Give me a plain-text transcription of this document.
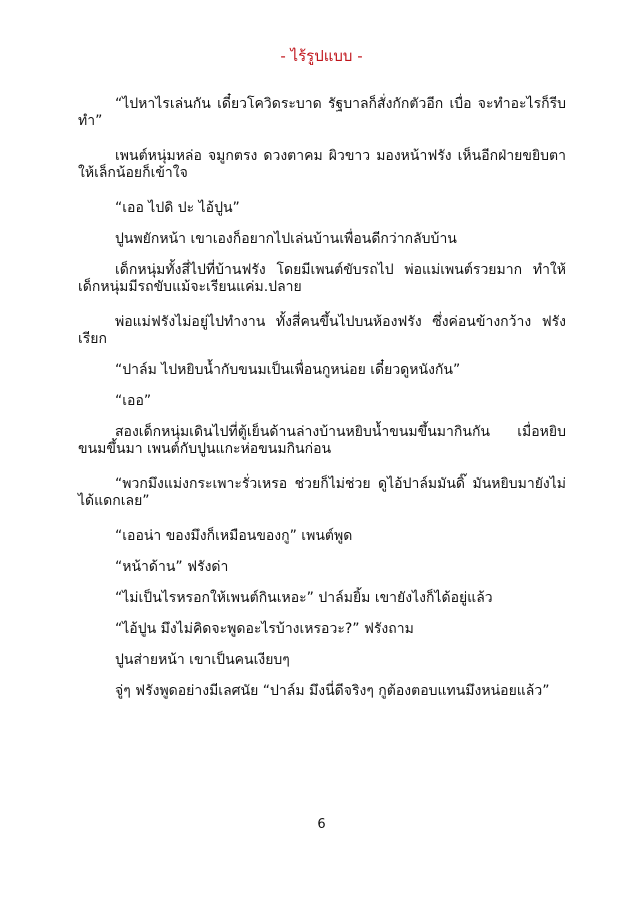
- ไร้รูปแบบ -

“ไปหาไรเล่นกัน เดี๋ยวโควิดระบาด รัฐบาลก็สั่งกักตัวอีก เบื่อ จะทำอะไรก็รีบทำ”

เพนต์หนุ่มหล่อ จมูกตรง ดวงตาคม ผิวขาว มองหน้าฟรัง เห็นอีกฝ่ายขยิบตาให้เล็กน้อยก็เข้าใจ

“เออ ไปดิ ปะ ไอ้ปูน”

ปูนพยักหน้า เขาเองก็อยากไปเล่นบ้านเพื่อนดีกว่ากลับบ้าน

เด็กหนุ่มทั้งสี่ไปที่บ้านฟรัง โดยมีเพนต์ขับรถไป พ่อแม่เพนต์รวยมาก ทำให้เด็กหนุ่มมีรถขับแม้จะเรียนแค่ม.ปลาย

พ่อแม่ฟรังไม่อยู่ไปทำงาน ทั้งสี่คนขึ้นไปบนห้องฟรัง ซึ่งค่อนข้างกว้าง ฟรังเรียก

“ปาล์ม ไปหยิบน้ำกับขนมเป็นเพื่อนกูหน่อย เดี๋ยวดูหนังกัน”

“เออ”

สองเด็กหนุ่มเดินไปที่ตู้เย็นด้านล่างบ้านหยิบน้ำขนมขึ้นมากินกัน เมื่อหยิบขนมขึ้นมา เพนต์กับปูนแกะห่อขนมกินก่อน

“พวกมึงแม่งกระเพาะรั่วเหรอ ช่วยก็ไม่ช่วย ดูไอ้ปาล์มมันดิ๊ มันหยิบมายังไม่ได้แดกเลย”

“เออน่า ของมึงก็เหมือนของกู” เพนต์พูด

“หน้าด้าน” ฟรังด่า

“ไม่เป็นไรหรอกให้เพนต์กินเหอะ” ปาล์มยิ้ม เขายังไงก็ได้อยู่แล้ว

“ไอ้ปูน มึงไม่คิดจะพูดอะไรบ้างเหรอวะ?” ฟรังถาม

ปูนส่ายหน้า เขาเป็นคนเงียบๆ

จู่ๆ ฟรังพูดอย่างมีเลศนัย “ปาล์ม มึงนี่ดีจริงๆ กูต้องตอบแทนมึงหน่อยแล้ว”

6
